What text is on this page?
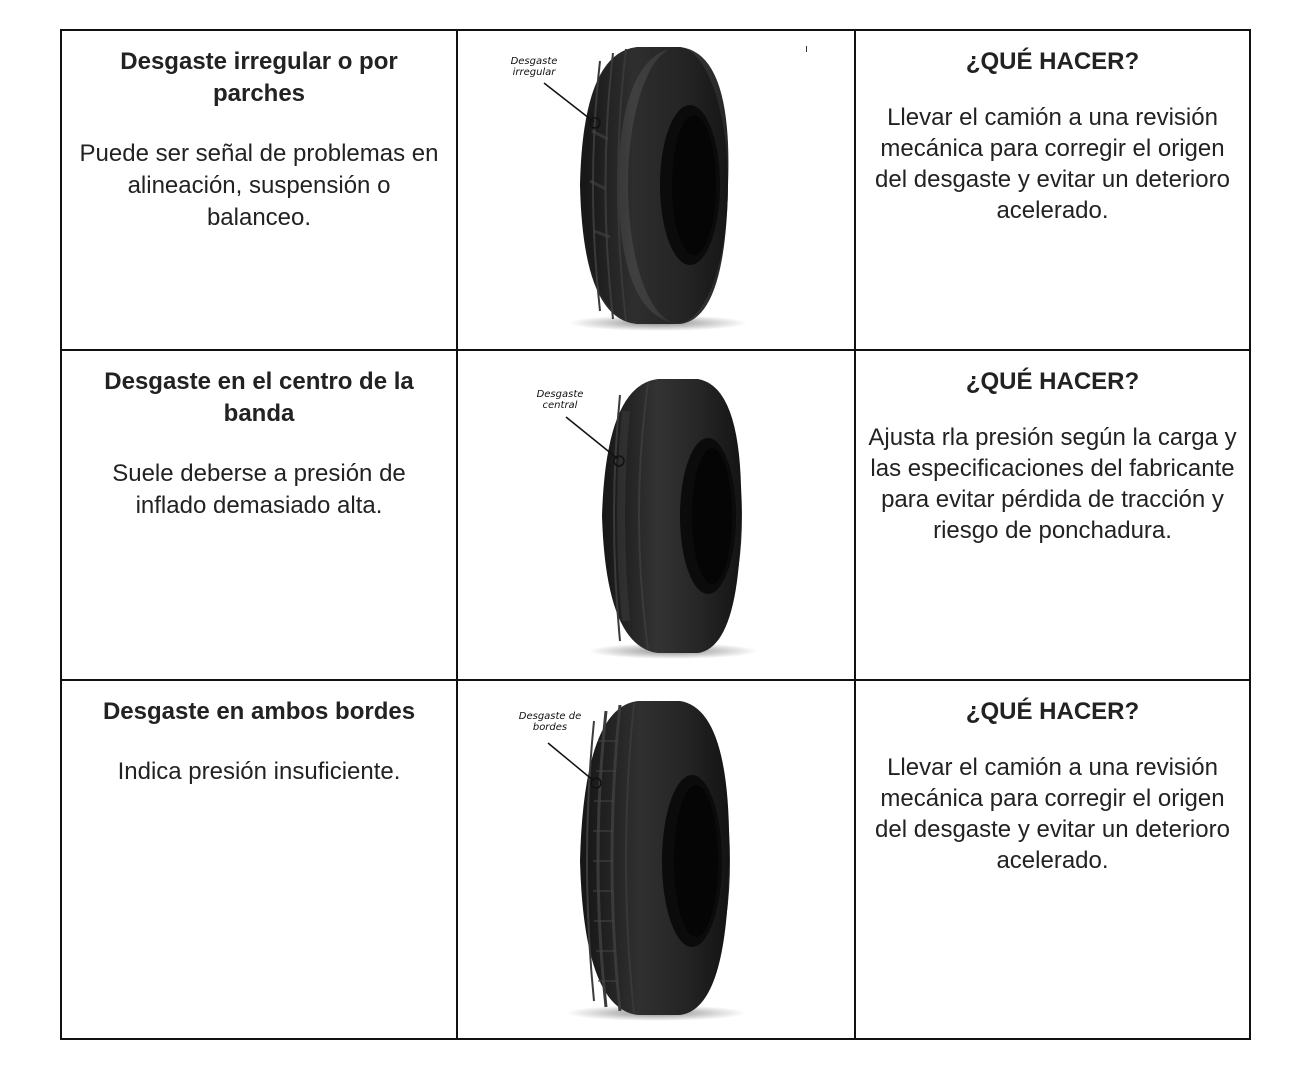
Desgaste irregular o por parches

Puede ser señal de problemas en alineación, suspensión o balanceo.

Desgaste irregular	¿QUÉ HACER?

Llevar el camión a una revisión mecánica para corregir el origen del desgaste y evitar un deterioro acelerado.

Desgaste en el centro de la banda

Suele deberse a presión de inflado demasiado alta.

Desgaste central

¿QUÉ HACER?

Ajusta rla presión según la carga y las especificaciones del fabricante para evitar pérdida de tracción y riesgo de ponchadura.

Desgaste en ambos bordes

Indica presión insuficiente.

Desgaste de bordes

¿QUÉ HACER?

Llevar el camión a una revisión mecánica para corregir el origen del desgaste y evitar un deterioro acelerado.
